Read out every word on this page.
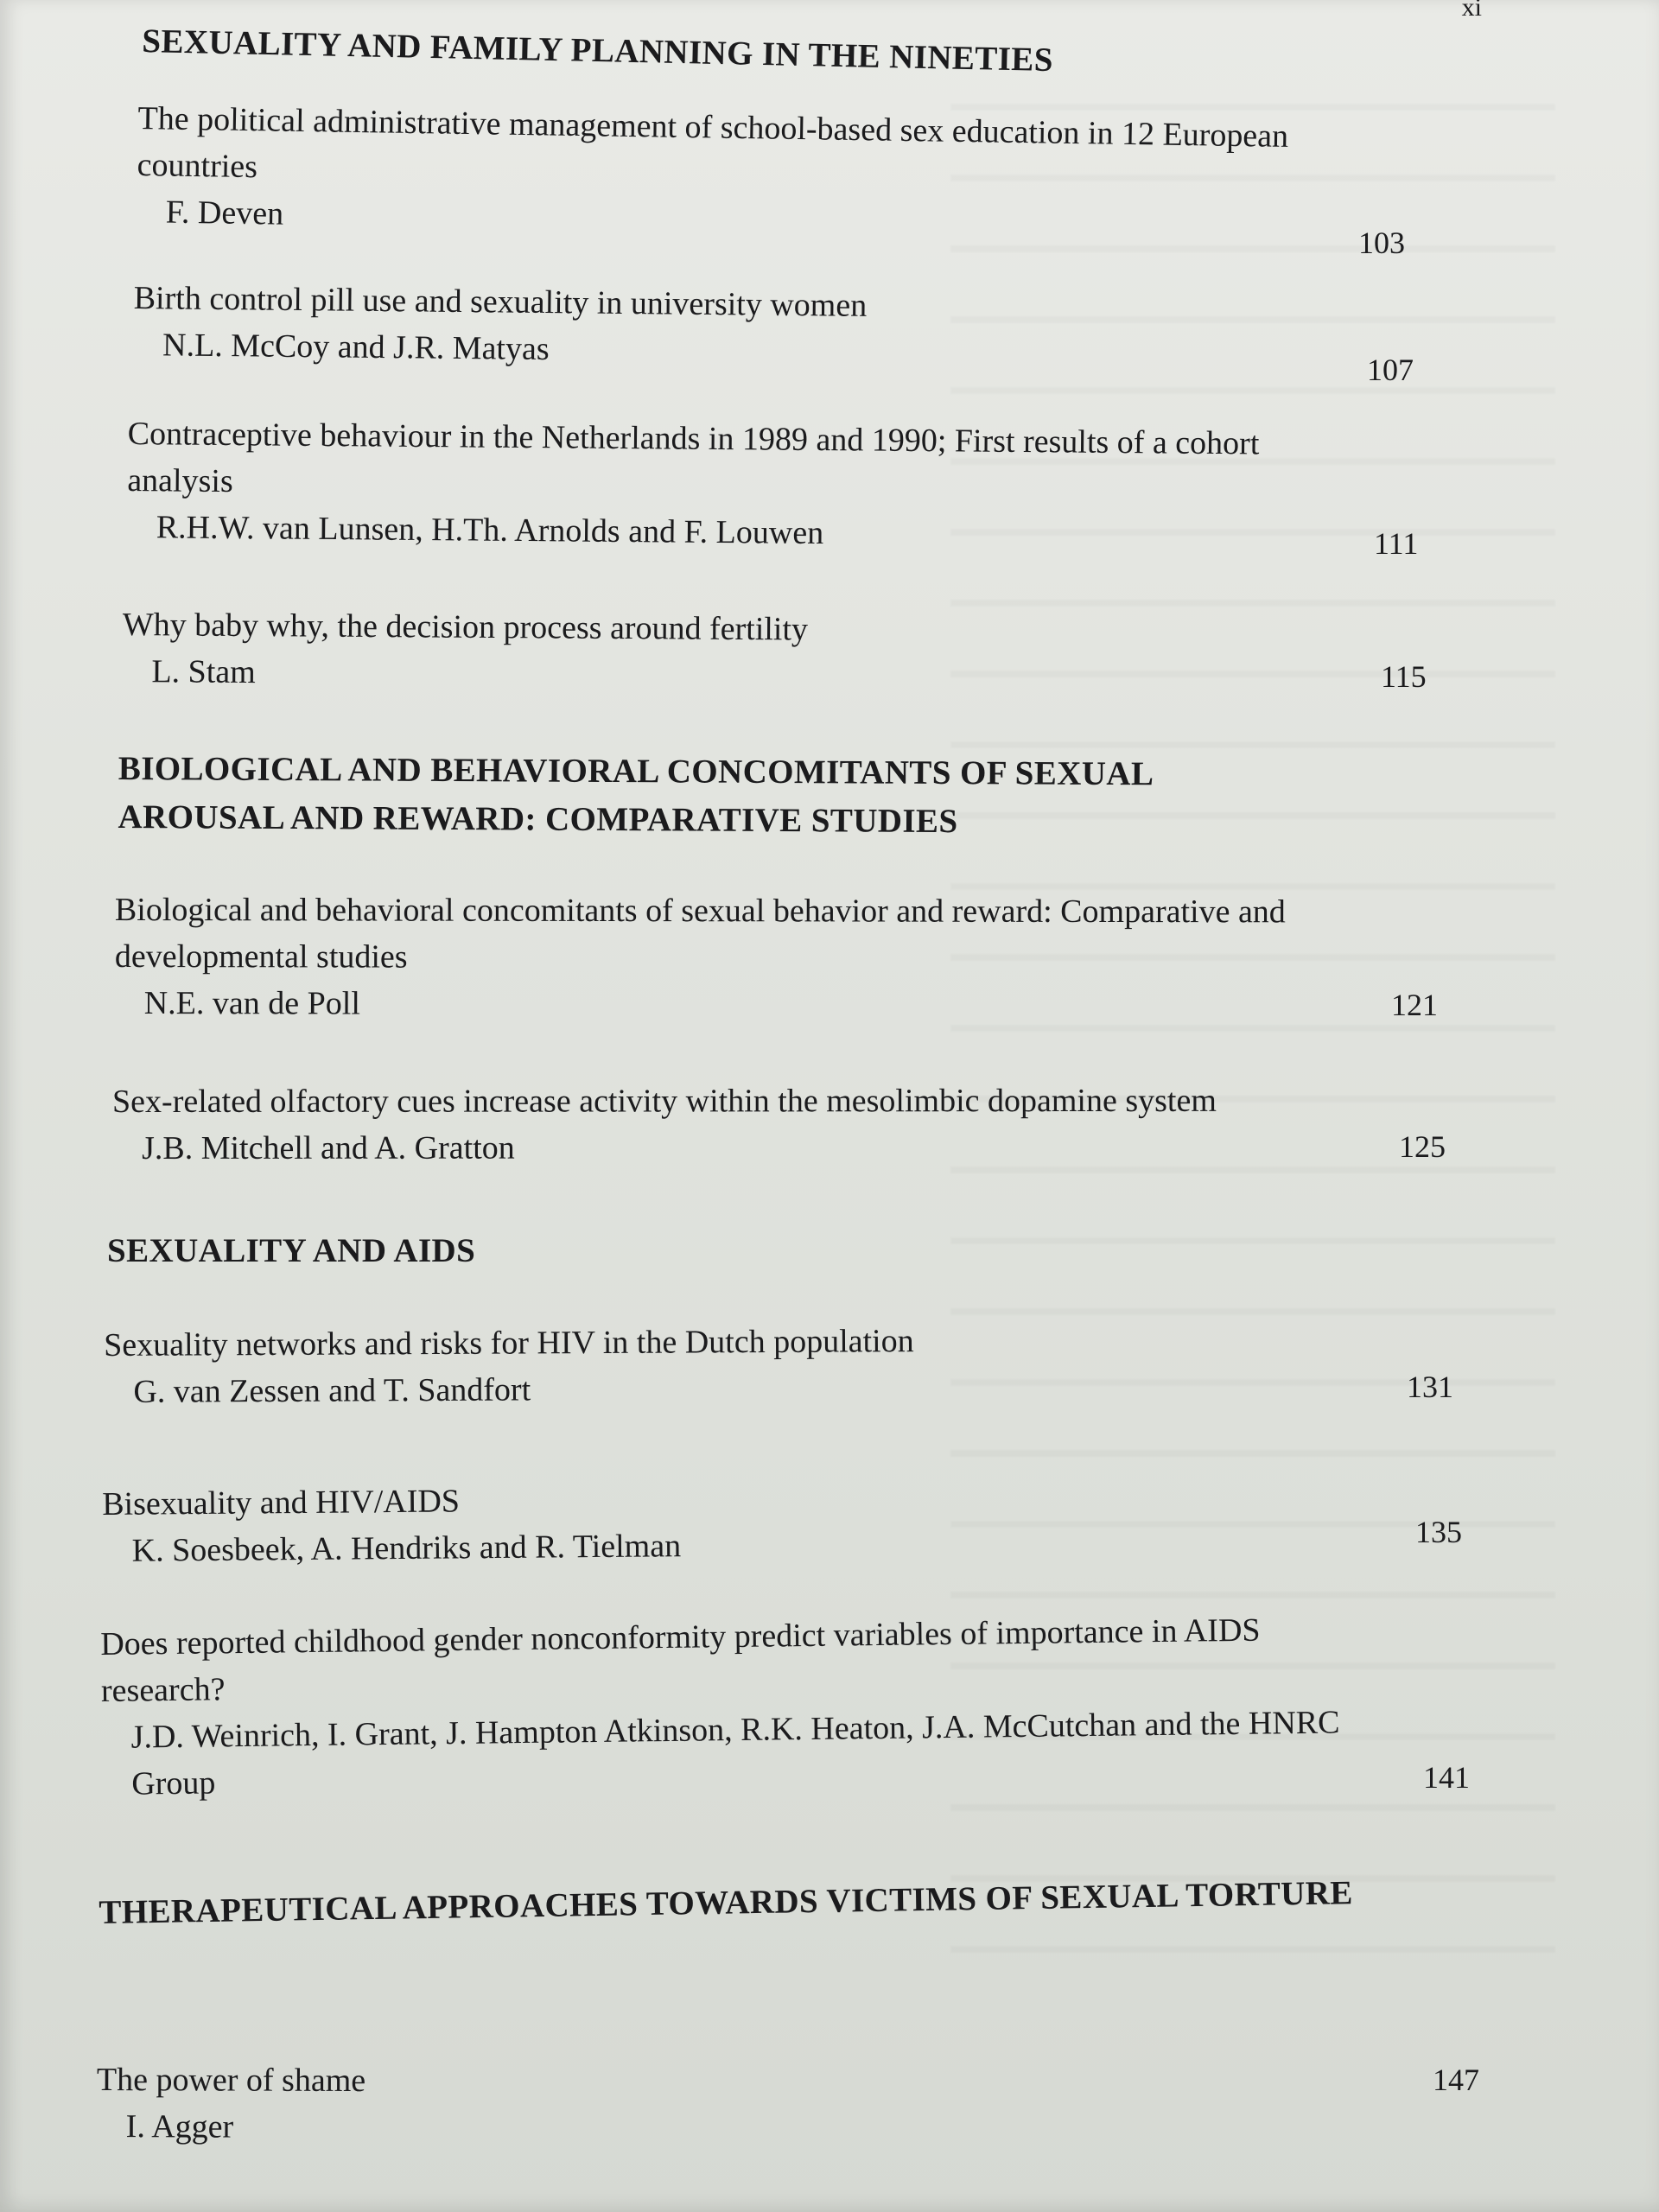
xi
SEXUALITY AND FAMILY PLANNING IN THE NINETIES
The political administrative management of school-based sex education in 12 European countries
F. Deven
103
Birth control pill use and sexuality in university women
N.L. McCoy and J.R. Matyas
107
Contraceptive behaviour in the Netherlands in 1989 and 1990; First results of a cohort analysis
R.H.W. van Lunsen, H.Th. Arnolds and F. Louwen	111
Why baby why, the decision process around fertility
L. Stam	115
BIOLOGICAL AND BEHAVIORAL CONCOMITANTS OF SEXUAL AROUSAL AND REWARD: COMPARATIVE STUDIES
Biological and behavioral concomitants of sexual behavior and reward: Comparative and developmental studies
N.E. van de Poll	121
Sex-related olfactory cues increase activity within the mesolimbic dopamine system
J.B. Mitchell and A. Gratton	125
SEXUALITY AND AIDS
Sexuality networks and risks for HIV in the Dutch population
G. van Zessen and T. Sandfort	131
Bisexuality and HIV/AIDS
K. Soesbeek, A. Hendriks and R. Tielman	135
Does reported childhood gender nonconformity predict variables of importance in AIDS research?
J.D. Weinrich, I. Grant, J. Hampton Atkinson, R.K. Heaton, J.A. McCutchan and the HNRC Group	141
THERAPEUTICAL APPROACHES TOWARDS VICTIMS OF SEXUAL TORTURE
The power of shame
I. Agger
147
